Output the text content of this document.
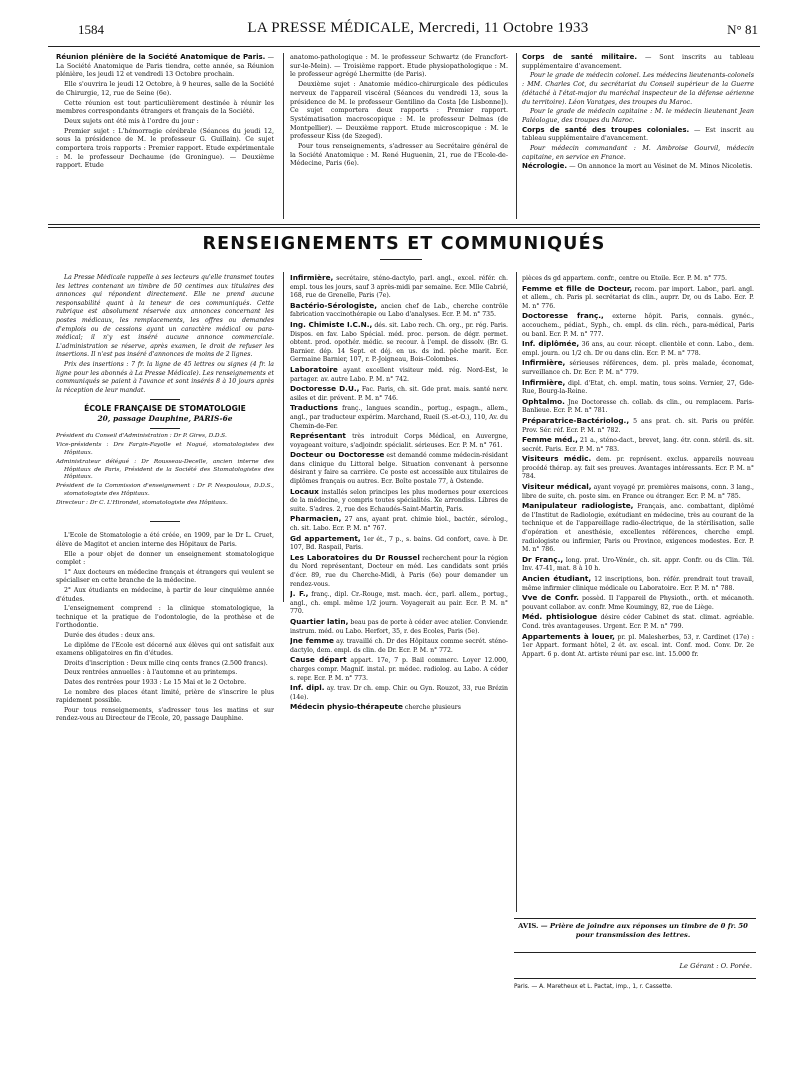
1584	LA PRESSE MÉDICALE, Mercredi, 11 Octobre 1933	N° 81

Réunion plénière de la Société Anatomique de Paris. — La Société Anatomique de Paris tiendra, cette année, sa Réunion plénière, les jeudi 12 et vendredi 13 Octobre prochain.

Elle s'ouvrira le jeudi 12 Octobre, à 9 heures, salle de la Société de Chirurgie, 12, rue de Seine (6e).

Cette réunion est tout particulièrement destinée à réunir les membres correspondants étrangers et français de la Société.

Deux sujets ont été mis à l'ordre du jour :

Premier sujet : L'hémorragie cérébrale (Séances du jeudi 12, sous la présidence de M. le professeur G. Guillain). Ce sujet comportera trois rapports : Premier rapport. Etude expérimentale : M. le professeur Dechaume (de Groningue). — Deuxième rapport. Etude

anatomo-pathologique : M. le professeur Schwartz (de Francfort-sur-le-Mein). — Troisième rapport. Etude physiopathologique : M. le professeur agrégé Lhermitte (de Paris).

Deuxième sujet : Anatomie médico-chirurgicale des pédicules nerveux de l'appareil viscéral (Séances du vendredi 13, sous la présidence de M. le professeur Gentilino da Costa [de Lisbonne]). Ce sujet comportera deux rapports : Premier rapport. Systématisation macroscopique : M. le professeur Delmas (de Montpellier). — Deuxième rapport. Etude microscopique : M. le professeur Kiss (de Szeged).

Pour tous renseignements, s'adresser au Secrétaire général de la Société Anatomique : M. René Huguenin, 21, rue de l'Ecole-de-Médecine, Paris (6e).

Corps de santé militaire. — Sont inscrits au tableau supplémentaire d'avancement.

Pour le grade de médecin colonel. Les médecins lieutenants-colonels : MM. Charles Cot, du secrétariat du Conseil supérieur de la Guerre (détaché à l'état-major du maréchal inspecteur de la défense aérienne du territoire). Léon Varatges, des troupes du Maroc.

Pour le grade de médecin capitaine : M. le médecin lieutenant Jean Paléologue, des troupes du Maroc.

Corps de santé des troupes coloniales. — Est inscrit au tableau supplémentaire d'avancement.

Pour médecin commandant : M. Ambroise Gourvil, médecin capitaine, en service en France.

Nécrologie. — On annonce la mort au Vésinet de M. Minos Nicoletis.

RENSEIGNEMENTS ET COMMUNIQUÉS

La Presse Médicale rappelle à ses lecteurs qu'elle transmet toutes les lettres contenant un timbre de 50 centimes aux titulaires des annonces qui répondent directement. Elle ne prend aucune responsabilité quant à la teneur de ces communiqués. Cette rubrique est absolument réservée aux annonces concernant les postes médicaux, les remplacements, les offres ou demandes d'emplois ou de cessions ayant un caractère médical ou para-médical; il n'y est inséré aucune annonce commerciale. L'administration se réserve, après examen, le droit de refuser les insertions. Il n'est pas inséré d'annonces de moins de 2 lignes.

Prix des insertions : 7 fr. la ligne de 45 lettres ou signes (4 fr. la ligne pour les abonnés à La Presse Médicale). Les renseignements et communiqués se paient à l'avance et sont insérés 8 à 10 jours après la réception de leur mandat.

ÉCOLE FRANÇAISE DE STOMATOLOGIE
20, passage Dauphine, PARIS-6e

Président du Conseil d'Administration : Dr P. Gires, D.D.S.

Vice-présidents : Drs Fargin-Fayolle et Nogué, stomatologistes des Hôpitaux.

Administrateur délégué : Dr Rousseau-Decelle, ancien interne des Hôpitaux de Paris, Président de la Société des Stomatologistes des Hôpitaux.

Président de la Commission d'enseignement : Dr P. Nespoulous, D.D.S., stomatologiste des Hôpitaux.

Directeur : Dr C. L'Hirondel, stomatologiste des Hôpitaux.

L'Ecole de Stomatologie a été créée, en 1909, par le Dr L. Cruet, élève de Magitot et ancien interne des Hôpitaux de Paris.

Elle a pour objet de donner un enseignement stomatologique complet :

1° Aux docteurs en médecine français et étrangers qui veulent se spécialiser en cette branche de la médecine.

2° Aux étudiants en médecine, à partir de leur cinquième année d'études.

L'enseignement comprend : la clinique stomatologique, la technique et la pratique de l'odontologie, de la prothèse et de l'orthodontie.

Durée des études : deux ans.

Le diplôme de l'Ecole est décerné aux élèves qui ont satisfait aux examens obligatoires en fin d'études.

Droits d'inscription : Deux mille cinq cents francs (2.500 francs).

Deux rentrées annuelles : à l'automne et au printemps.

Dates des rentrées pour 1933 : Le 15 Mai et le 2 Octobre.

Le nombre des places étant limité, prière de s'inscrire le plus rapidement possible.

Pour tous renseignements, s'adresser tous les matins et sur rendez-vous au Directeur de l'Ecole, 20, passage Dauphine.

Infirmière, secrétaire, sténo-dactylo, parl. angl., excel. référ. ch. empl. tous les jours, sauf 3 après-midi par semaine. Ecr. Mlle Cabrié, 168, rue de Grenelle, Paris (7e).

Bactério-Sérologiste, ancien chef de Lab., cherche contrôle fabrication vaccinothérapie ou Labo d'analyses. Ecr. P. M. n° 735.

Ing. Chimiste I.C.N., dés. sit. Labo rech. Ch. org., pr. rég. Paris. Dispos. en fav. Labo Spécial. méd. proc. person. de dégr. permet. obtent. prod. opothér. médic. se recour. à l'empl. de dissolv. (Br. G. Barnier. dép. 14 Sept. et déj. en us. ds ind. pêche marit. Ecr. Germaine Barnier, 107, r. P.-Joigneau, Bois-Colombes.

Laboratoire ayant excellent visiteur méd. rég. Nord-Est, le partager. av. autre Labo. P. M. n° 742.

Doctoresse D.U., Fac. Paris, ch. sit. Gde prat. mais. santé nerv. asiles et dir. prévent. P. M. n° 746.

Traductions franç., langues scandin., portug., espagn., allem., angl., par traducteur expérim. Marchand, Rueil (S.-et-O.), 110, Av. du Chemin-de-Fer.

Représentant très introduit Corps Médical, en Auvergne, voyageant voiture, s'adjoindr. spécialit. sérieuses. Ecr. P. M. n° 761.

Docteur ou Doctoresse est demandé comme médecin-résidant dans clinique du Littoral belge. Situation convenant à personne désirant y faire sa carrière. Ce poste est accessible aux titulaires de diplômes français ou autres. Ecr. Boîte postale 77, à Ostende.

Locaux installés selon principes les plus modernes pour exercices de la médecine, y compris toutes spécialités. Xe arrondiss. Libres de suite. S'adres. 2, rue des Echaudés-Saint-Martin, Paris.

Pharmacien, 27 ans, ayant prat. chimie biol., bactér., sérolog., ch. sit. Labo. Ecr. P. M. n° 767.

Gd appartement, 1er ét., 7 p., s. bains. Gd confort, cave. à Dr. 107, Bd. Raspail, Paris.

Les Laboratoires du Dr Roussel recherchent pour la région du Nord représentant, Docteur en méd. Les candidats sont priés d'écr. 89, rue du Cherche-Midi, à Paris (6e) pour demander un rendez-vous.

J. F., franç., dipl. Cr.-Rouge, mst. mach. écr., parl. allem., portug., angl., ch. empl. même 1/2 journ. Voyagerait au pair. Ecr. P. M. n° 770.

Quartier latin, beau pas de porte à céder avec atelier. Conviendr. instrum. méd. ou Labo. Herfort, 35, r. des Ecoles, Paris (5e).

Jne femme ay. travaillé ch. Dr des Hôpitaux comme secrét. sténo-dactylo, dem. empl. ds clin. de Dr. Ecr. P. M. n° 772.

Cause départ appart. 17e, 7 p. Bail commerc. Loyer 12.000, charges compr. Magnif. instal. pr. médec. radiolog. au Labo. A céder s. repr. Ecr. P. M. n° 773.

Inf. dipl. ay. trav. Dr ch. emp. Chir. ou Gyn. Rouzot, 33, rue Brézin (14e).

Médecin physio-thérapeute cherche plusieurs

pièces ds gd appartem. confr., centre ou Etoile. Ecr. P. M. n° 775.

Femme et fille de Docteur, recom. par import. Labor., parl. angl. et allem., ch. Paris pl. secrétariat ds clin., auprr. Dr, ou ds Labo. Ecr. P. M. n° 776.

Doctoresse franç., externe hôpit. Paris, connais. gynéc., accouchem., pédiat., Syph., ch. empl. ds clin. réch., para-médical, Paris ou banl. Ecr. P. M. n° 777.

Inf. diplômée, 36 ans, au cour. récept. clientèle et conn. Labo., dem. empl. journ. ou 1/2 ch. Dr ou dans clin. Ecr. P. M. n° 778.

Infirmière, sérieuses références, dem. pl. près malade, économat, surveillance ch. Dr. Ecr. P. M. n° 779.

Infirmière, dipl. d'Etat, ch. empl. matin, tous soins. Vernier, 27, Gde-Rue, Bourg-la-Reine.

Ophtalmo. Jne Doctoresse ch. collab. ds clin., ou remplacem. Paris-Banlieue. Ecr. P. M. n° 781.

Préparatrice-Bactériolog., 5 ans prat. ch. sit. Paris ou préfér. Prov. Sér. réf. Ecr. P. M. n° 782.

Femme méd., 21 a., sténo-dact., brevet, lang. étr. conn. stéril. ds. sit. secrét. Paris. Ecr. P. M. n° 783.

Visiteurs médic. dem. pr. représent. exclus. appareils nouveau procédé thérap. ay. fait ses preuves. Avantages intéressants. Ecr. P. M. n° 784.

Visiteur médical, ayant voyagé pr. premières maisons, conn. 3 lang., libre de suite, ch. poste sim. en France ou étranger. Ecr. P. M. n° 785.

Manipulateur radiologiste, Français, anc. combattant, diplômé de l'Institut de Radiologie, exétudiant en médecine, très au courant de la technique et de l'appareillage radio-électrique, de la stérilisation, salle d'opération et anesthésie, excellentes références, cherche empl. radiologiste ou infirmier, Paris ou Province, exigences modestes. Ecr. P. M. n° 786.

Dr Franç., long. prat. Uro-Vénér., ch. sit. appr. Confr. ou ds Clin. Tél. Inv. 47-41, mat. 8 à 10 h.

Ancien étudiant, 12 inscriptions, bon. référ. prendrait tout travail, même infirmier clinique médicale ou Laboratoire. Ecr. P. M. n° 788.

Vve de Confr. possèd. Il l'appareil de Physioth., orth. et mécanoth. pouvant collabor. av. confr. Mme Koumingy, 82, rue de Liège.

Méd. phtisiologue désire céder Cabinet ds stat. climat. agréable. Cond. très avantageuses. Urgent. Ecr. P. M. n° 799.

Appartements à louer, pr. pl. Malesherbes, 53, r. Cardinet (17e) : 1er Appart. formant hôtel, 2 ét. av. escal. int. Conf. mod. Conv. Dr. 2e Appart. 6 p. dont At. artiste réuni par esc. int. 15.000 fr.

AVIS. — Prière de joindre aux réponses un timbre de 0 fr. 50 pour transmission des lettres.
Le Gérant : O. Porée.
Paris. — A. Maretheux et L. Pactat, imp., 1, r. Cassette.
